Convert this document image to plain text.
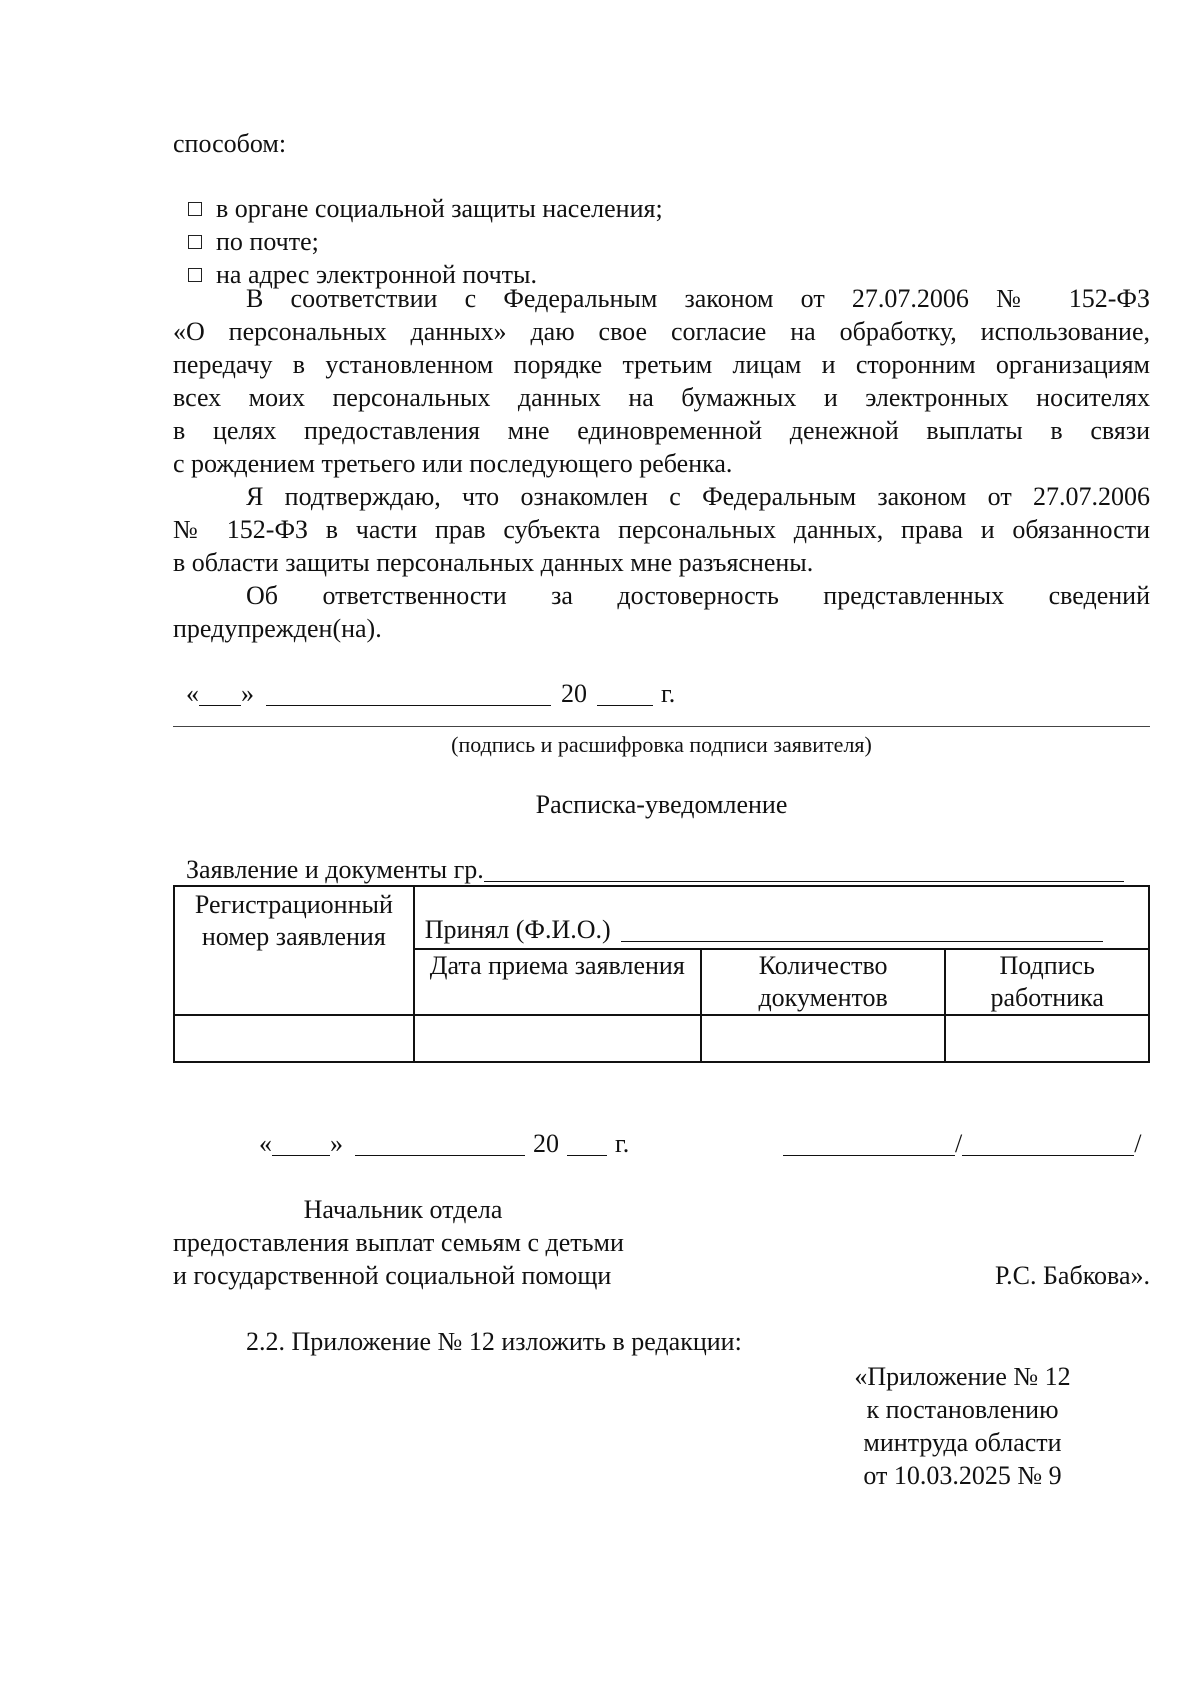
способом:

в органе социальной защиты населения;

по почте;

на адрес электронной почты.

В соответствии с Федеральным законом от 27.07.2006 № 152-ФЗ
«О персональных данных» даю свое согласие на обработку, использование,
передачу в установленном порядке третьим лицам и сторонним организациям
всех моих персональных данных на бумажных и электронных носителях
в целях предоставления мне единовременной денежной выплаты в связи
с рождением третьего или последующего ребенка.
Я подтверждаю, что ознакомлен с Федеральным законом от 27.07.2006
№ 152-ФЗ в части прав субъекта персональных данных, права и обязанности
в области защиты персональных данных мне разъяснены.
Об ответственности за достоверность представленных сведений
предупрежден(на).

« »	20	г.

(подпись и расшифровка подписи заявителя)
Расписка-уведомление

Заявление и документы гр.

Регистрационный номер заявления	Принял (Ф.И.О.)		
	Дата приема заявления	Количество документов	Подпись работника

« »	20 г.	/	/

Начальник отдела
предоставления выплат семьям с детьми
и государственной социальной помощи	Р.С. Бабкова».
2.2. Приложение № 12 изложить в редакции:
«Приложение № 12
к постановлению
минтруда области
от 10.03.2025 № 9
